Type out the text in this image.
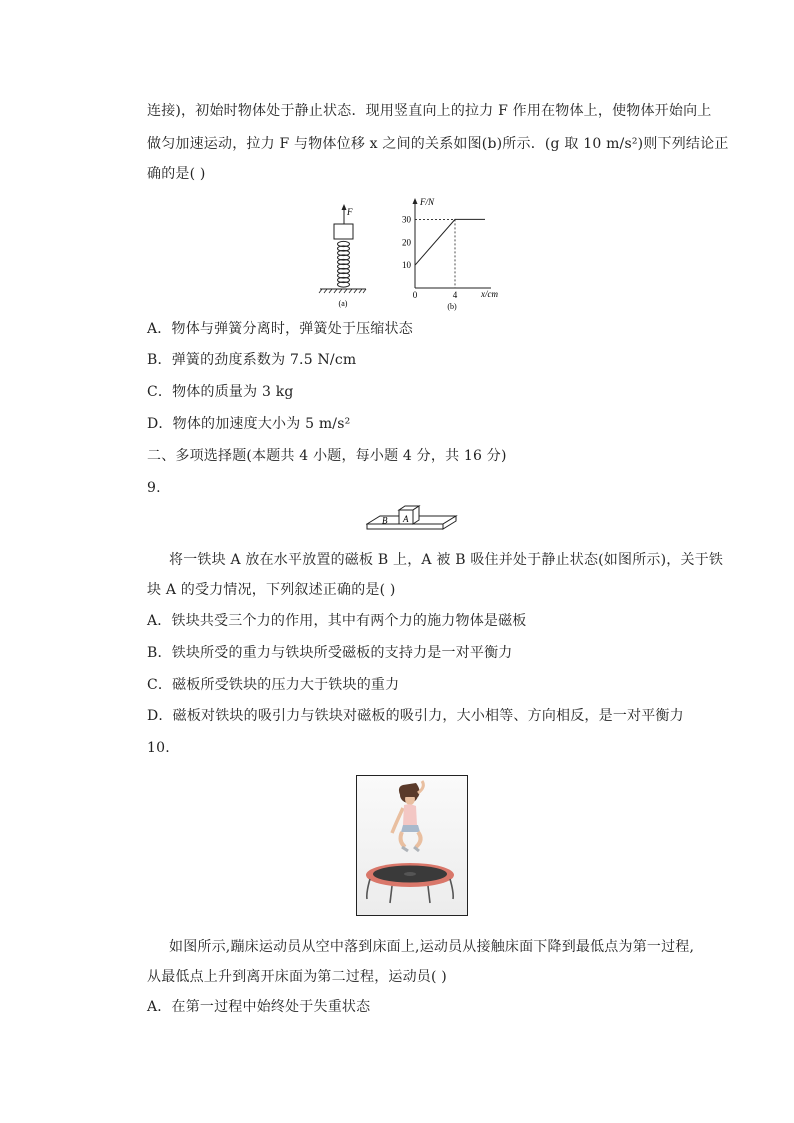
连接)，初始时物体处于静止状态．现用竖直向上的拉力 F 作用在物体上，使物体开始向上
做匀加速运动，拉力 F 与物体位移 x 之间的关系如图(b)所示．(g 取 10 m/s²)则下列结论正
确的是( )
F
(a)
F/N
x/cm
10
20
30
0	4
(b)
A．物体与弹簧分离时，弹簧处于压缩状态
B．弹簧的劲度系数为 7.5 N/cm
C．物体的质量为 3 kg
D．物体的加速度大小为 5 m/s²
二、多项选择题(本题共 4 小题，每小题 4 分，共 16 分)
9.
B A
将一铁块 A 放在水平放置的磁板 B 上，A 被 B 吸住并处于静止状态(如图所示)，关于铁
块 A 的受力情况，下列叙述正确的是( )
A．铁块共受三个力的作用，其中有两个力的施力物体是磁板
B．铁块所受的重力与铁块所受磁板的支持力是一对平衡力
C．磁板所受铁块的压力大于铁块的重力
D．磁板对铁块的吸引力与铁块对磁板的吸引力，大小相等、方向相反，是一对平衡力
10.
如图所示,蹦床运动员从空中落到床面上,运动员从接触床面下降到最低点为第一过程,
从最低点上升到离开床面为第二过程，运动员( )
A．在第一过程中始终处于失重状态
